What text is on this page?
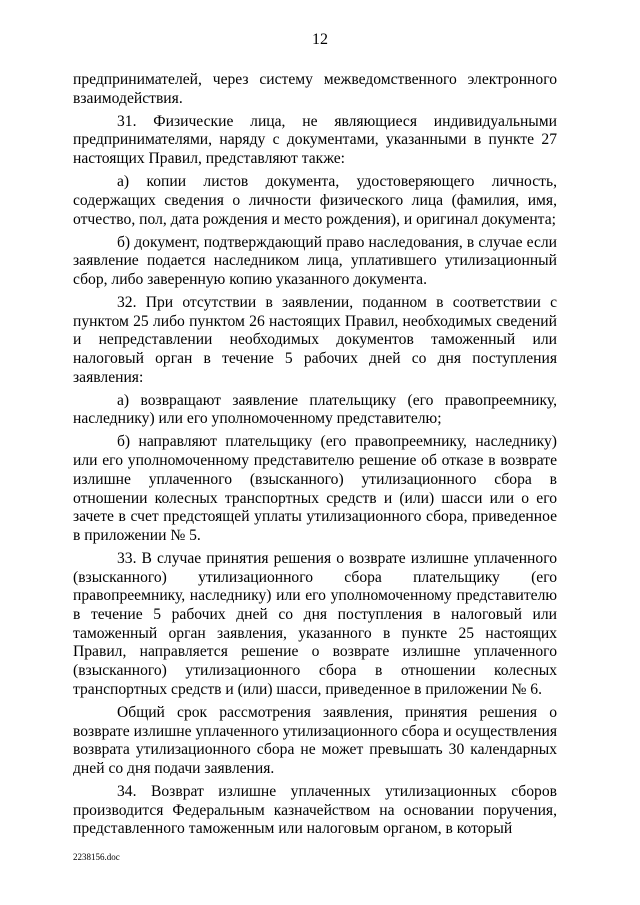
12

предпринимателей, через систему межведомственного электронного взаимодействия.

31. Физические лица, не являющиеся индивидуальными предпринимателями, наряду с документами, указанными в пункте 27 настоящих Правил, представляют также:

а) копии листов документа, удостоверяющего личность, содержащих сведения о личности физического лица (фамилия, имя, отчество, пол, дата рождения и место рождения), и оригинал документа;

б) документ, подтверждающий право наследования, в случае если заявление подается наследником лица, уплатившего утилизационный сбор, либо заверенную копию указанного документа.

32. При отсутствии в заявлении, поданном в соответствии с пунктом 25 либо пунктом 26 настоящих Правил, необходимых сведений и непредставлении необходимых документов таможенный или налоговый орган в течение 5 рабочих дней со дня поступления заявления:

а) возвращают заявление плательщику (его правопреемнику, наследнику) или его уполномоченному представителю;

б) направляют плательщику (его правопреемнику, наследнику) или его уполномоченному представителю решение об отказе в возврате излишне уплаченного (взысканного) утилизационного сбора в отношении колесных транспортных средств и (или) шасси или о его зачете в счет предстоящей уплаты утилизационного сбора, приведенное в приложении № 5.

33. В случае принятия решения о возврате излишне уплаченного (взысканного) утилизационного сбора плательщику (его правопреемнику, наследнику) или его уполномоченному представителю в течение 5 рабочих дней со дня поступления в налоговый или таможенный орган заявления, указанного в пункте 25 настоящих Правил, направляется решение о возврате излишне уплаченного (взысканного) утилизационного сбора в отношении колесных транспортных средств и (или) шасси, приведенное в приложении № 6.

Общий срок рассмотрения заявления, принятия решения о возврате излишне уплаченного утилизационного сбора и осуществления возврата утилизационного сбора не может превышать 30 календарных дней со дня подачи заявления.

34. Возврат излишне уплаченных утилизационных сборов производится Федеральным казначейством на основании поручения, представленного таможенным или налоговым органом, в который

2238156.doc
